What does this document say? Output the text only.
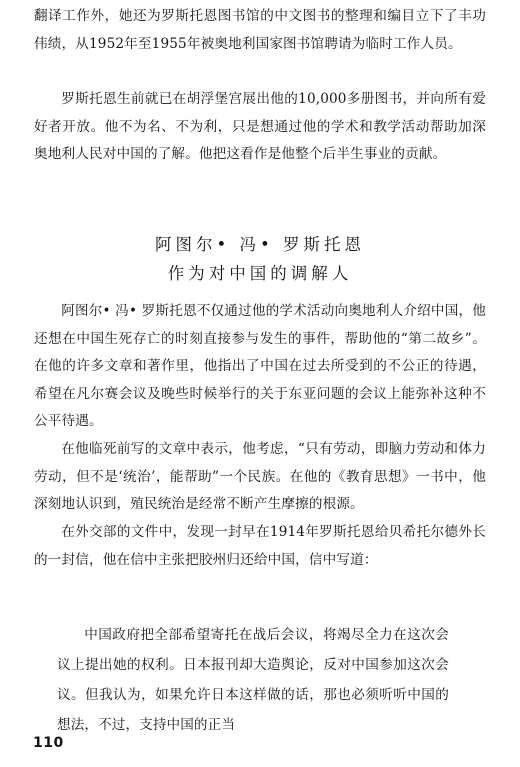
翻译工作外，她还为罗斯托恩图书馆的中文图书的整理和编目立下了丰功伟绩，从1952年至1955年被奥地利国家图书馆聘请为临时工作人员。

罗斯托恩生前就已在胡浮堡宫展出他的10,000多册图书，并向所有爱好者开放。他不为名、不为利，只是想通过他的学术和教学活动帮助加深奥地利人民对中国的了解。他把这看作是他整个后半生事业的贡献。

阿图尔• 冯• 罗斯托恩
作为对中国的调解人

阿图尔• 冯• 罗斯托恩不仅通过他的学术活动向奥地利人介绍中国，他还想在中国生死存亡的时刻直接参与发生的事件，帮助他的“第二故乡”。在他的许多文章和著作里，他指出了中国在过去所受到的不公正的待遇，希望在凡尔赛会议及晚些时候举行的关于东亚问题的会议上能弥补这种不公平待遇。

在他临死前写的文章中表示，他考虑，“只有劳动，即脑力劳动和体力劳动，但不是‘统治’，能帮助”一个民族。在他的《教育思想》一书中，他深刻地认识到，殖民统治是经常不断产生摩擦的根源。

在外交部的文件中，发现一封早在1914年罗斯托恩给贝希托尔德外长的一封信，他在信中主张把胶州归还给中国，信中写道：

中国政府把全部希望寄托在战后会议，将竭尽全力在这次会议上提出她的权利。日本报刊却大造舆论，反对中国参加这次会议。但我认为，如果允许日本这样做的话，那也必须听听中国的想法，不过，支持中国的正当

110
